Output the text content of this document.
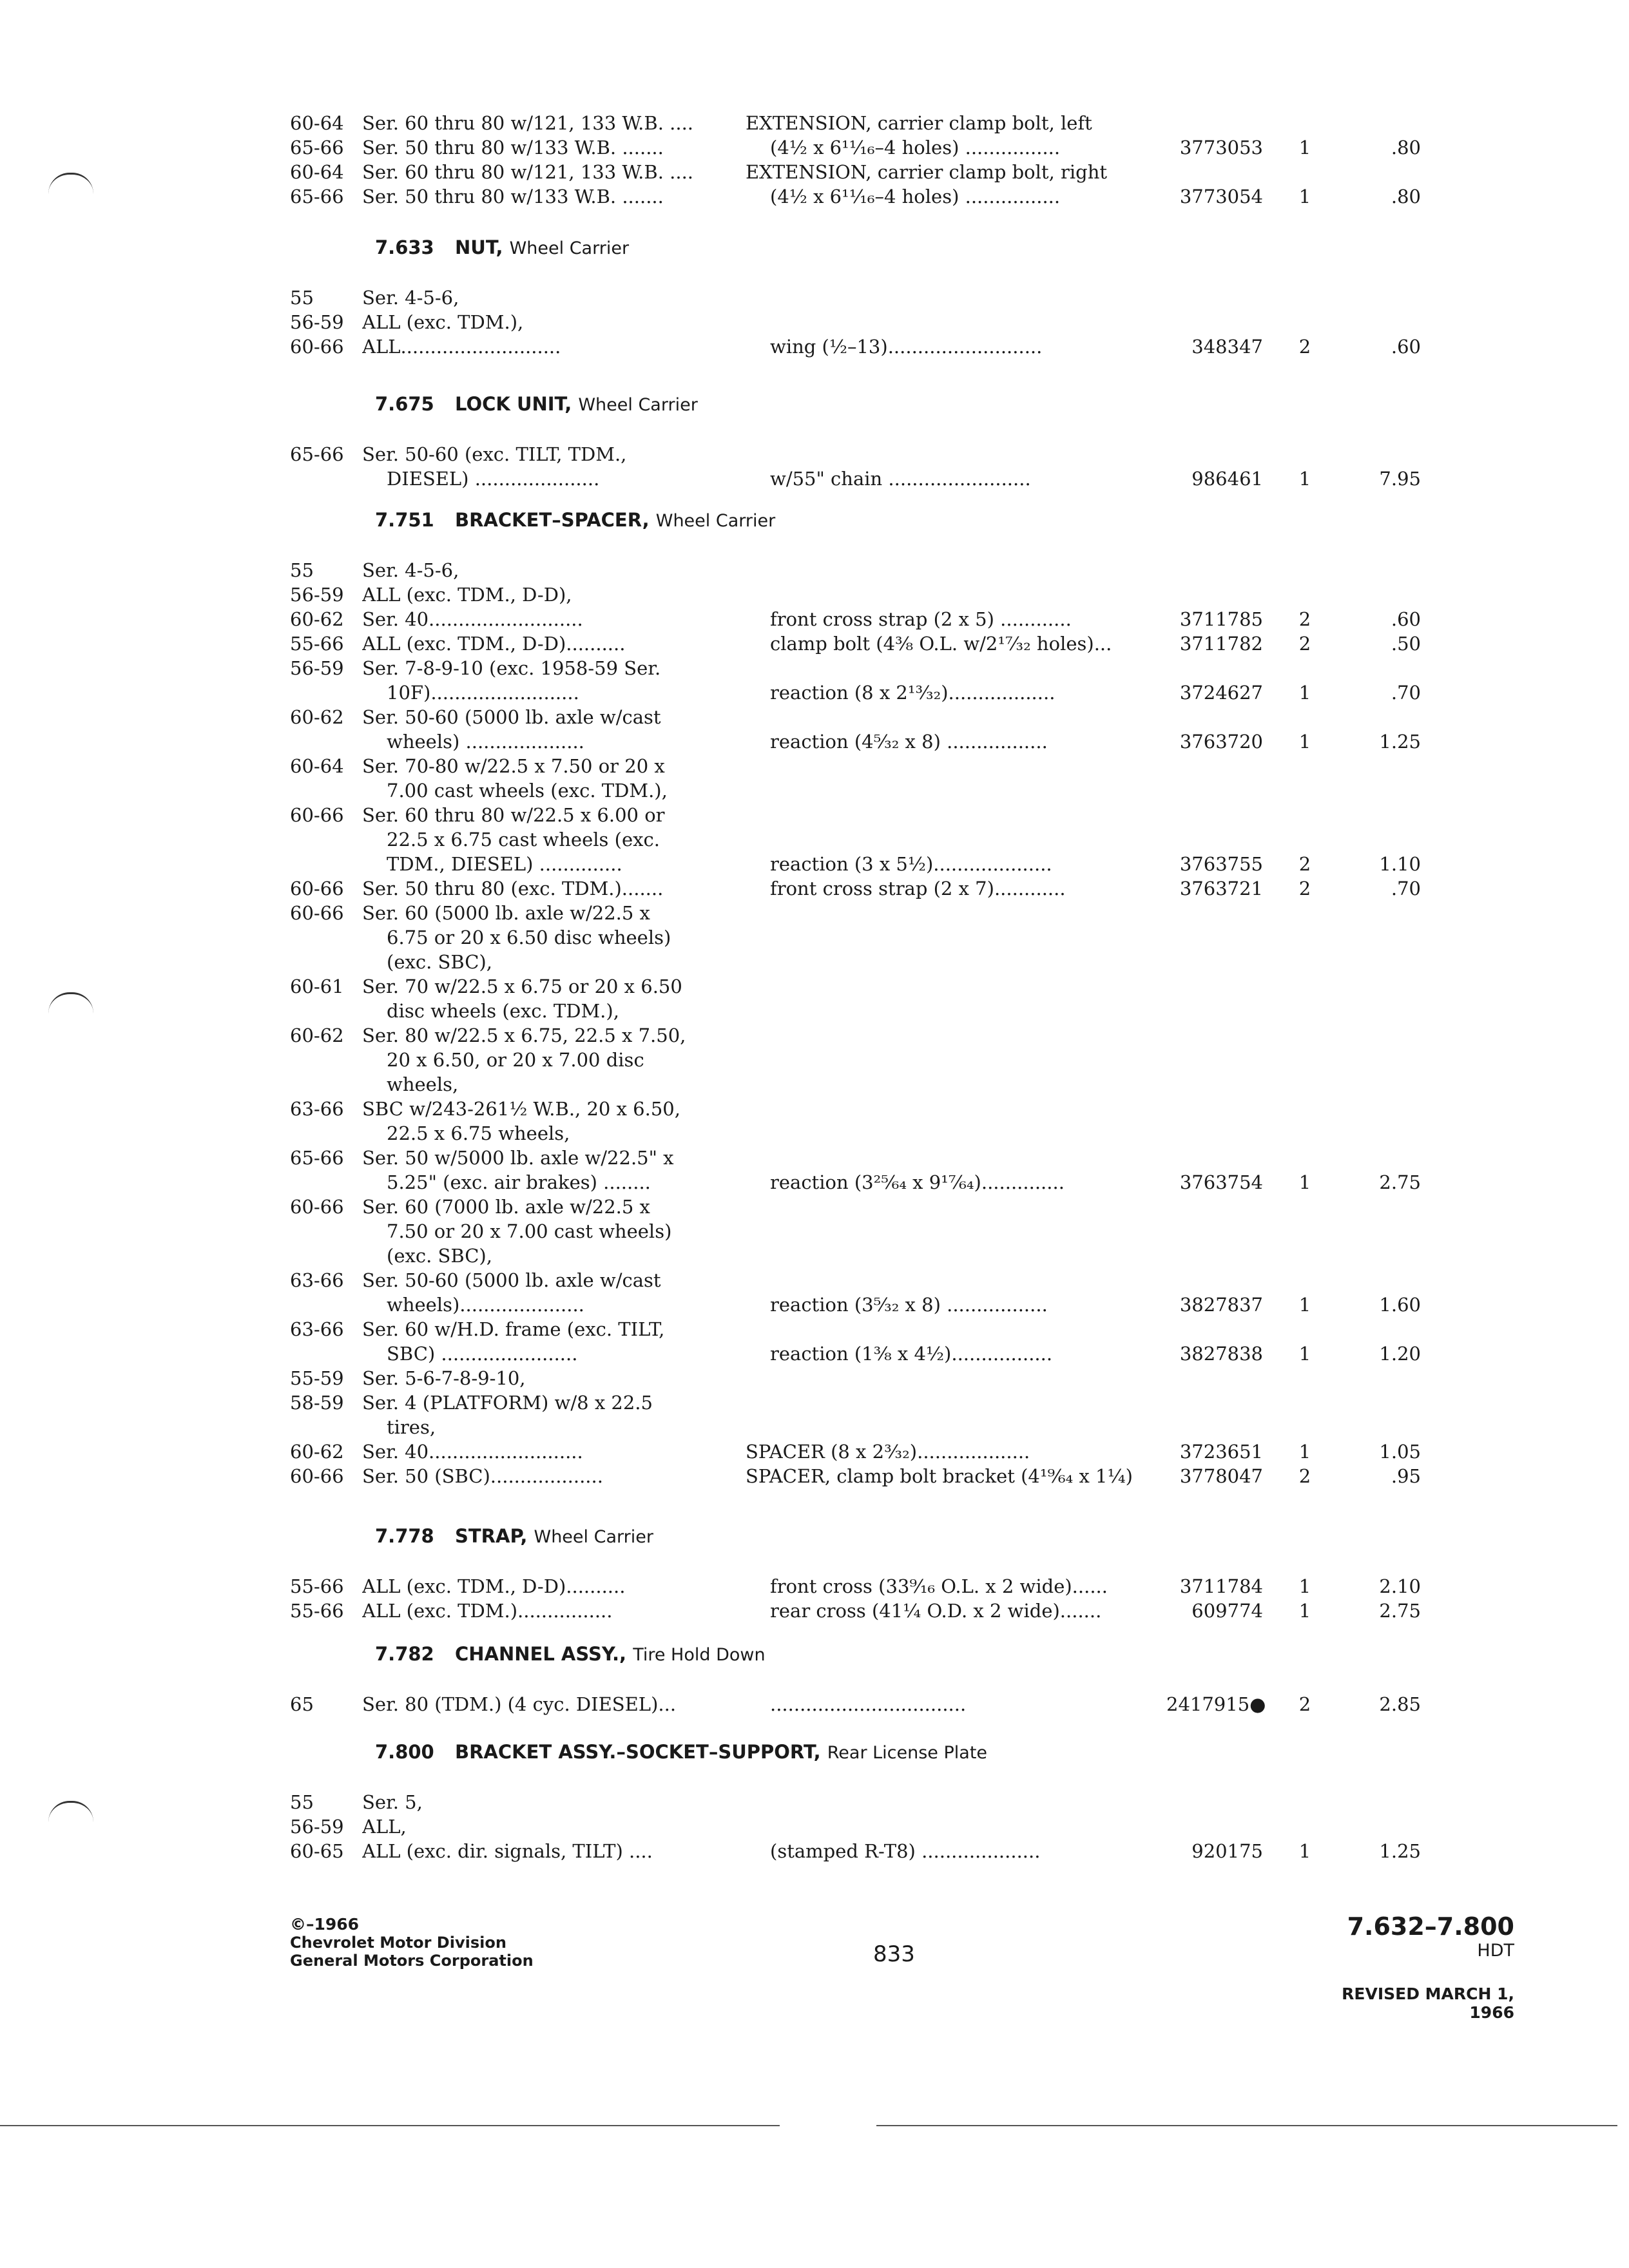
60-64 Ser. 60 thru 80 w/121, 133 W.B. ....	EXTENSION, carrier clamp bolt, left
65-66 Ser. 50 thru 80 w/133 W.B. .......	(4½ x 6¹¹⁄₁₆–4 holes) ................	3773053	1	.80
60-64 Ser. 60 thru 80 w/121, 133 W.B. ....	EXTENSION, carrier clamp bolt, right
65-66 Ser. 50 thru 80 w/133 W.B. .......	(4½ x 6¹¹⁄₁₆–4 holes) ................	3773054	1	.80
7.633 NUT, Wheel Carrier
55	Ser. 4-5-6,
56-59 ALL (exc. TDM.),
60-66 ALL...........................	wing (½–13)..........................	348347	2	.60
7.675 LOCK UNIT, Wheel Carrier
65-66 Ser. 50-60 (exc. TILT, TDM.,
DIESEL) .....................	w/55" chain ........................	986461	1	7.95
7.751 BRACKET–SPACER, Wheel Carrier
55	Ser. 4-5-6,
56-59 ALL (exc. TDM., D-D),
60-62 Ser. 40..........................	front cross strap (2 x 5) ............	3711785	2	.60
55-66 ALL (exc. TDM., D-D)..........	clamp bolt (4³⁄₈ O.L. w/2¹⁷⁄₃₂ holes)...	3711782	2	.50
56-59 Ser. 7-8-9-10 (exc. 1958-59 Ser.
10F).........................	reaction (8 x 2¹³⁄₃₂)..................	3724627	1	.70
60-62 Ser. 50-60 (5000 lb. axle w/cast
wheels) ....................	reaction (4⁵⁄₃₂ x 8) .................	3763720	1	1.25
60-64 Ser. 70-80 w/22.5 x 7.50 or 20 x
7.00 cast wheels (exc. TDM.),
60-66 Ser. 60 thru 80 w/22.5 x 6.00 or
22.5 x 6.75 cast wheels (exc.
TDM., DIESEL) ..............	reaction (3 x 5½)....................	3763755	2	1.10
60-66 Ser. 50 thru 80 (exc. TDM.).......	front cross strap (2 x 7)............	3763721	2	.70
60-66 Ser. 60 (5000 lb. axle w/22.5 x
6.75 or 20 x 6.50 disc wheels)
(exc. SBC),
60-61 Ser. 70 w/22.5 x 6.75 or 20 x 6.50
disc wheels (exc. TDM.),
60-62 Ser. 80 w/22.5 x 6.75, 22.5 x 7.50,
20 x 6.50, or 20 x 7.00 disc
wheels,
63-66 SBC w/243-261½ W.B., 20 x 6.50,
22.5 x 6.75 wheels,
65-66 Ser. 50 w/5000 lb. axle w/22.5" x
5.25" (exc. air brakes) ........	reaction (3²⁵⁄₆₄ x 9¹⁷⁄₆₄)..............	3763754	1	2.75
60-66 Ser. 60 (7000 lb. axle w/22.5 x
7.50 or 20 x 7.00 cast wheels)
(exc. SBC),
63-66 Ser. 50-60 (5000 lb. axle w/cast
wheels).....................	reaction (3⁵⁄₃₂ x 8) .................	3827837	1	1.60
63-66 Ser. 60 w/H.D. frame (exc. TILT,
SBC) .......................	reaction (1³⁄₈ x 4½).................	3827838	1	1.20
55-59 Ser. 5-6-7-8-9-10,
58-59 Ser. 4 (PLATFORM) w/8 x 22.5
tires,
60-62 Ser. 40..........................	SPACER (8 x 2³⁄₃₂)...................	3723651	1	1.05
60-66 Ser. 50 (SBC)...................	SPACER, clamp bolt bracket (4¹⁹⁄₆₄ x 1¼)	3778047	2	.95
7.778 STRAP, Wheel Carrier
55-66 ALL (exc. TDM., D-D)..........	front cross (33⁹⁄₁₆ O.L. x 2 wide)......	3711784	1	2.10
55-66 ALL (exc. TDM.)................	rear cross (41¼ O.D. x 2 wide).......	609774	1	2.75
7.782 CHANNEL ASSY., Tire Hold Down
65	Ser. 80 (TDM.) (4 cyc. DIESEL)...	.................................	2417915●	2	2.85
7.800 BRACKET ASSY.–SOCKET–SUPPORT, Rear License Plate
55	Ser. 5,
56-59 ALL,
60-65 ALL (exc. dir. signals, TILT) ....	(stamped R-T8) ....................	920175	1	1.25
©–1966
Chevrolet Motor Division
General Motors Corporation	833
7.632–7.800
HDT
REVISED MARCH 1, 1966
